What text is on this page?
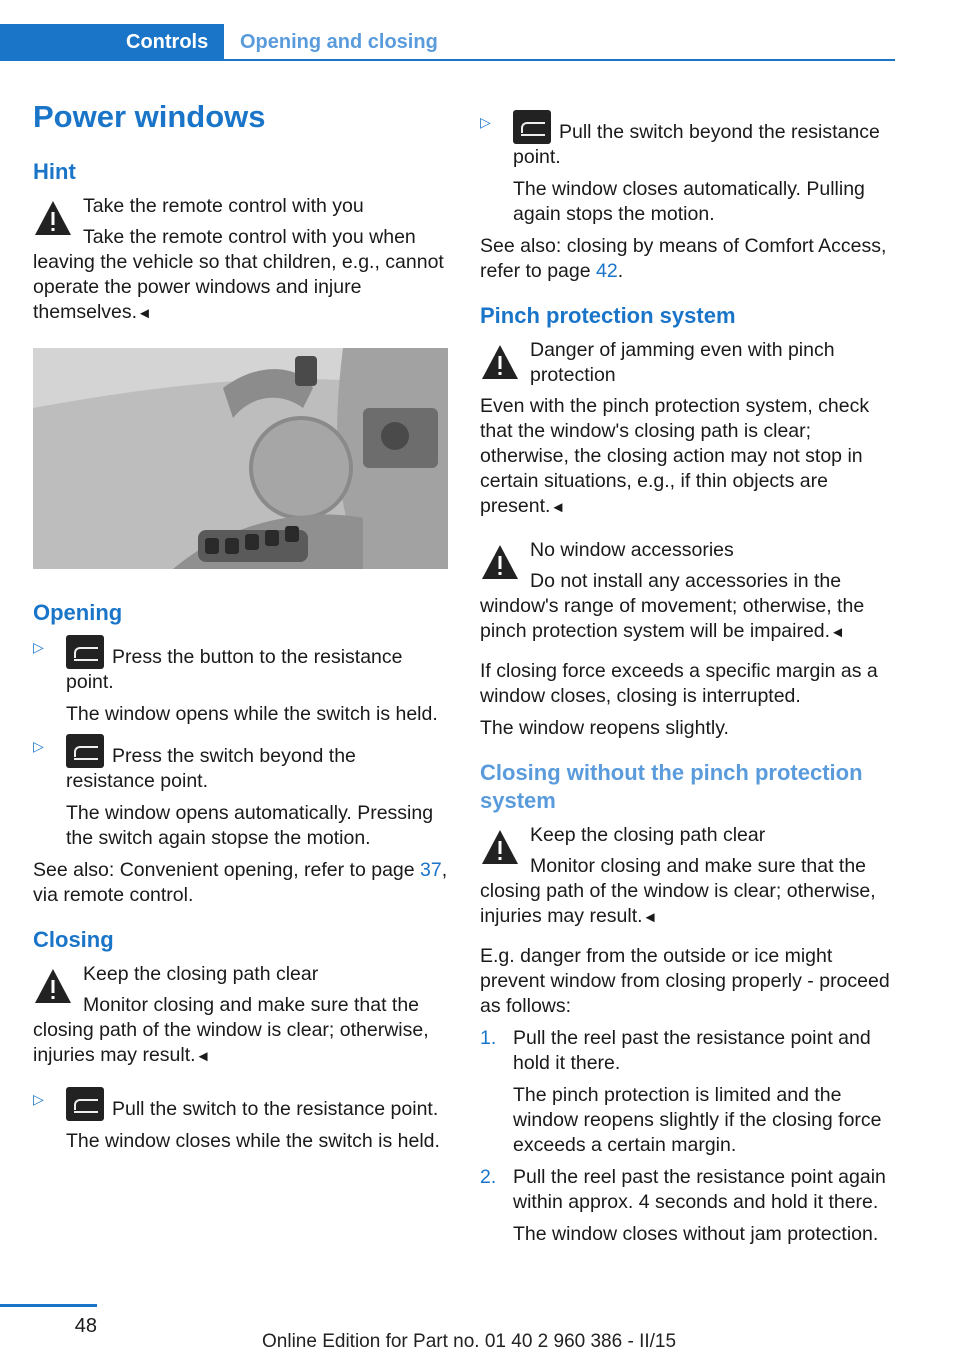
Controls	Opening and closing
Power windows
Hint
Take the remote control with you

Take the remote control with you when leaving the vehicle so that children, e.g., cannot operate the power windows and injure themselves.◄

Opening
▷	Press the button to the resistance point.

The window opens while the switch is held.

▷	Press the switch beyond the resistance point.

The window opens automatically. Pressing the switch again stopse the motion.

See also: Convenient opening, refer to page 37, via remote control.

Closing
Keep the closing path clear

Monitor closing and make sure that the closing path of the window is clear; otherwise, injuries may result.◄

▷	Pull the switch to the resistance point.

The window closes while the switch is held.

▷	Pull the switch beyond the resistance point.

The window closes automatically. Pulling again stops the motion.

See also: closing by means of Comfort Access, refer to page 42.

Pinch protection system
Danger of jamming even with pinch protection

Even with the pinch protection system, check that the window's closing path is clear; otherwise, the closing action may not stop in certain situations, e.g., if thin objects are present.◄

No window accessories

Do not install any accessories in the window's range of movement; otherwise, the pinch protection system will be impaired.◄

If closing force exceeds a specific margin as a window closes, closing is interrupted.

The window reopens slightly.

Closing without the pinch protection system
Keep the closing path clear

Monitor closing and make sure that the closing path of the window is clear; otherwise, injuries may result.◄

E.g. danger from the outside or ice might prevent window from closing properly - proceed as follows:

1. Pull the reel past the resistance point and hold it there.

The pinch protection is limited and the window reopens slightly if the closing force exceeds a certain margin.

2. Pull the reel past the resistance point again within approx. 4 seconds and hold it there.

The window closes without jam protection.

48
Online Edition for Part no. 01 40 2 960 386 - II/15
